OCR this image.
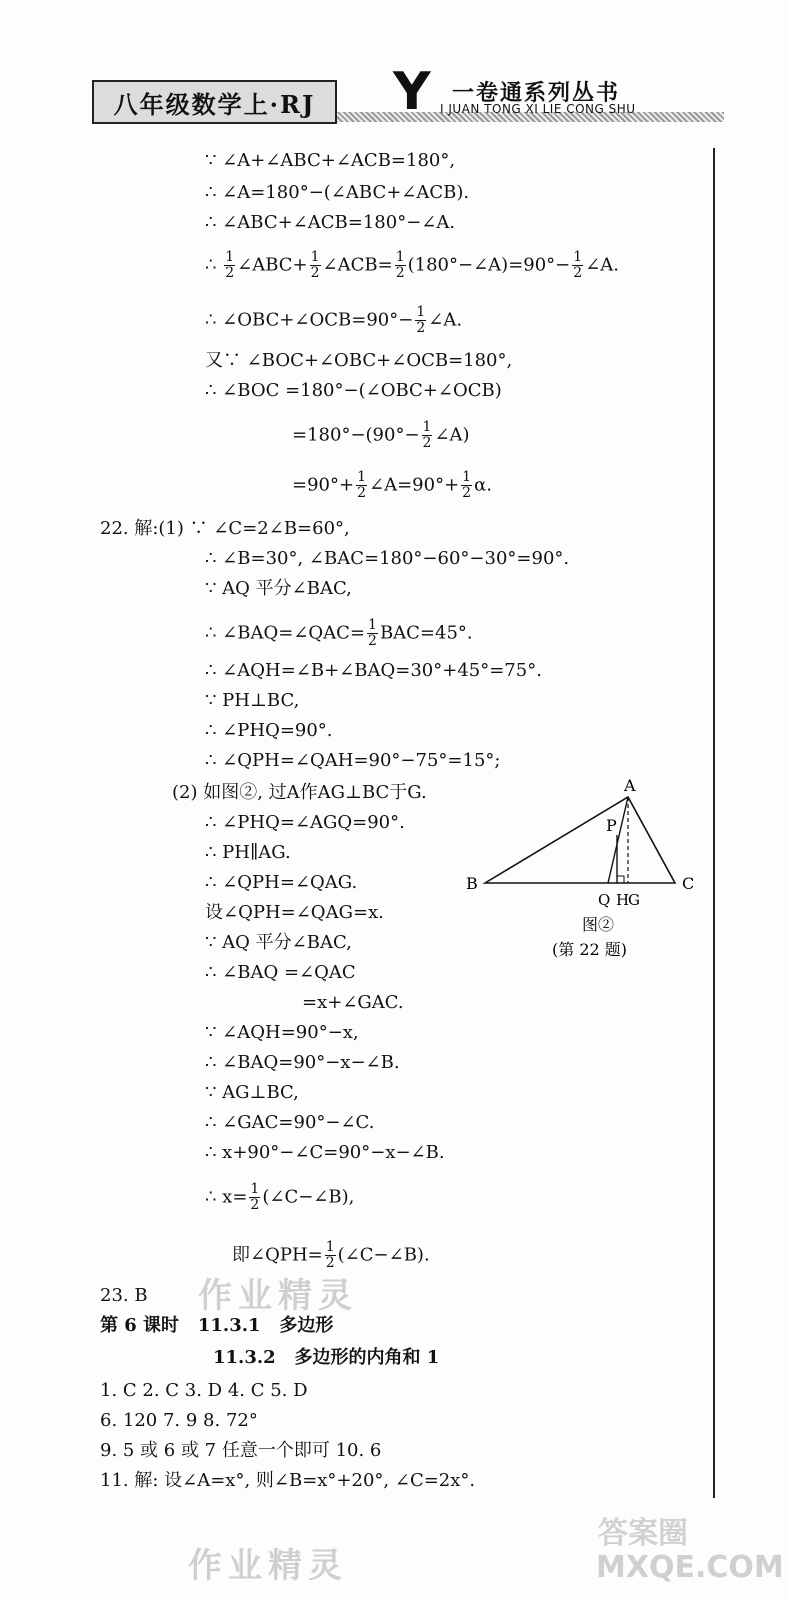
八年级数学上·RJ	Y 一卷通系列丛书
I JUAN TONG XI LIE CONG SHU
∵ ∠A+∠ABC+∠ACB=180°,
∴ ∠A=180°−(∠ABC+∠ACB).
∴ ∠ABC+∠ACB=180°−∠A.
∴ $\frac{1}{2}$ ∠ABC+ $\frac{1}{2}$ ∠ACB= $\frac{1}{2}$ (180°−∠A)=90°− $\frac{1}{2}$ ∠A.
∴ ∠OBC+∠OCB=90°− $\frac{1}{2}$ ∠A.
又∵ ∠BOC+∠OBC+∠OCB=180°,
∴ ∠BOC =180°−(∠OBC+∠OCB)
$=180^\circ-(90^\circ- \frac{1}{2}$ ∠A)
$=90^\circ+ \frac{1}{2}$ ∠A=90°+ $\frac{1}{2} \alpha$.
22. 解:(1) ∵ ∠C=2∠B=60°,
∴ ∠B=30°, ∠BAC=180°−60°−30°=90°.
∵ AQ 平分∠BAC,
∴ ∠BAQ=∠QAC= $\frac{1}{2} BAC=45^\circ$.
∴ ∠AQH=∠B+∠BAQ=30°+45°=75°.
∵ PH⊥BC,
∴ ∠PHQ=90°.
∴ ∠QPH=∠QAH=90°−75°=15°;
(2) 如图②, 过A作AG⊥BC于G.
∴ ∠PHQ=∠AGQ=90°.
∴ PH∥AG.
∴ ∠QPH=∠QAG.
设∠QPH=∠QAG=x.
∵ AQ 平分∠BAC,
∴ ∠BAQ =∠QAC
=x+∠GAC.
∵ ∠AQH=90°−x,
∴ ∠BAQ=90°−x−∠B.
∵ AG⊥BC,
∴ ∠GAC=90°−∠C.
∴ x+90°−∠C=90°−x−∠B.
∴ $x= \frac{1}{2}$ (∠C−∠B),
即∠QPH= $\frac{1}{2}$ (∠C−∠B).
A
B	C
P
Q H
G
图②
(第 22 题)
23. B 作业精灵
第 6 课时 11.3.1 多边形
11.3.2 多边形的内角和 1
1. C 2. C 3. D 4. C 5. D
6. 120 7. 9 8. 72°
9. 5 或 6 或 7 任意一个即可 10. 6
11. 解: 设∠A=x°, 则∠B=x°+20°, ∠C=2x°.
作业精灵
答案圈
MXQE.COM
